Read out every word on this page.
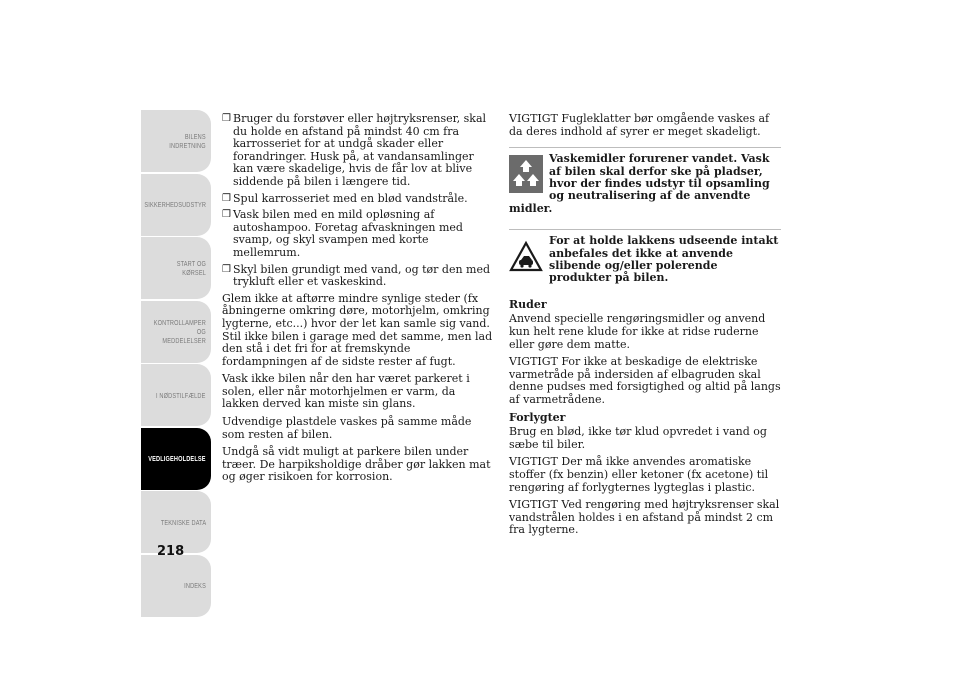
BILENS
INDRETNING
SIKKERHEDSUDSTYR
START OG KØRSEL
KONTROLLAMPER
OG MEDDELELSER
I NØDSTILFÆLDE
VEDLIGEHOLDELSE
TEKNISKE DATA
INDEKS
218
❒ Bruger du forstøver eller højtryksrenser, skal du holde en afstand på mindst 40 cm fra karrosseriet for at undgå skader eller forandringer. Husk på, at vandansamlinger kan være skadelige, hvis de får lov at blive siddende på bilen i længere tid.
❒ Spul karrosseriet med en blød vandstråle.
❒ Vask bilen med en mild opløsning af autoshampoo. Foretag afvaskningen med svamp, og skyl svampen med korte mellemrum.
❒ Skyl bilen grundigt med vand, og tør den med trykluft eller et vaskeskind.

Glem ikke at aftørre mindre synlige steder (fx åbningerne omkring døre, motorhjelm, omkring lygterne, etc...) hvor der let kan samle sig vand. Stil ikke bilen i garage med det samme, men lad den stå i det fri for at fremskynde fordampningen af de sidste rester af fugt.

Vask ikke bilen når den har været parkeret i solen, eller når motorhjelmen er varm, da lakken derved kan miste sin glans.

Udvendige plastdele vaskes på samme måde som resten af bilen.

Undgå så vidt muligt at parkere bilen under træer. De harpiksholdige dråber gør lakken mat og øger risikoen for korrosion.

VIGTIGT Fugleklatter bør omgående vaskes af da deres indhold af syrer er meget skadeligt.

Vaskemidler forurener vandet. Vask af bilen skal derfor ske på pladser, hvor der findes udstyr til opsamling og neutralisering af de anvendte midler.
For at holde lakkens udseende intakt anbefales det ikke at anvende slibende og/eller polerende produkter på bilen.

Ruder

Anvend specielle rengøringsmidler og anvend kun helt rene klude for ikke at ridse ruderne eller gøre dem matte.

VIGTIGT For ikke at beskadige de elektriske varmetråde på indersiden af elbagruden skal denne pudses med forsigtighed og altid på langs af varmetrådene.

Forlygter

Brug en blød, ikke tør klud opvredet i vand og sæbe til biler.

VIGTIGT Der må ikke anvendes aromatiske stoffer (fx benzin) eller ketoner (fx acetone) til rengøring af forlygternes lygteglas i plastic.

VIGTIGT Ved rengøring med højtryksrenser skal vandstrålen holdes i en afstand på mindst 2 cm fra lygterne.
